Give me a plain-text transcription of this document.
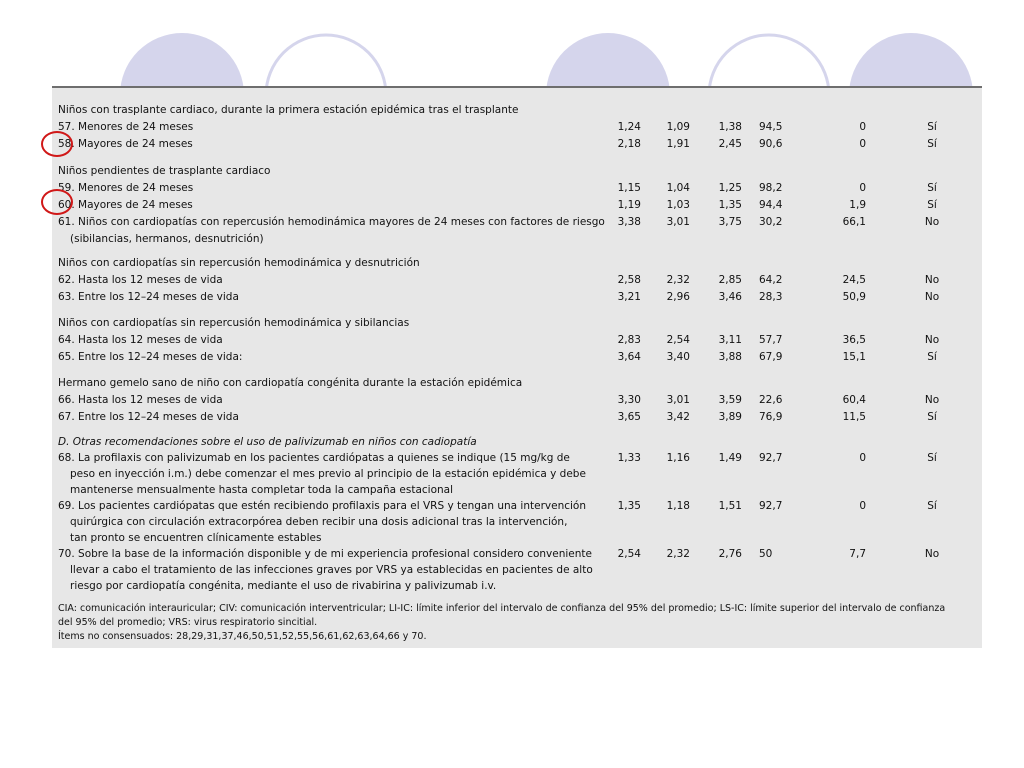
Niños con trasplante cardiaco, durante la primera estación epidémica tras el trasplante
57. Menores de 24 meses	1,24	1,09	1,38 94,5	0	Sí
58. Mayores de 24 meses	2,18	1,91	2,45 90,6	0	Sí
Niños pendientes de trasplante cardiaco
59. Menores de 24 meses	1,15	1,04	1,25 98,2	0	Sí
60. Mayores de 24 meses	1,19	1,03	1,35 94,4	1,9	Sí
61. Niños con cardiopatías con repercusión hemodinámica mayores de 24 meses con factores de riesgo	3,38	3,01	3,75 30,2	66,1	No
(sibilancias, hermanos, desnutrición)
Niños con cardiopatías sin repercusión hemodinámica y desnutrición
62. Hasta los 12 meses de vida	2,58	2,32	2,85 64,2	24,5	No
63. Entre los 12–24 meses de vida	3,21	2,96	3,46 28,3	50,9	No
Niños con cardiopatías sin repercusión hemodinámica y sibilancias
64. Hasta los 12 meses de vida	2,83	2,54	3,11 57,7	36,5	No
65. Entre los 12–24 meses de vida:	3,64	3,40	3,88 67,9	15,1	Sí
Hermano gemelo sano de niño con cardiopatía congénita durante la estación epidémica
66. Hasta los 12 meses de vida	3,30	3,01	3,59 22,6	60,4	No
67. Entre los 12–24 meses de vida	3,65	3,42	3,89 76,9	11,5	Sí
D. Otras recomendaciones sobre el uso de palivizumab en niños con cadiopatía
68. La profilaxis con palivizumab en los pacientes cardiópatas a quienes se indique (15 mg/kg de	1,33	1,16	1,49 92,7	0	Sí
peso en inyección i.m.) debe comenzar el mes previo al principio de la estación epidémica y debe
mantenerse mensualmente hasta completar toda la campaña estacional
69. Los pacientes cardiópatas que estén recibiendo profilaxis para el VRS y tengan una intervención	1,35	1,18	1,51 92,7	0	Sí
quirúrgica con circulación extracorpórea deben recibir una dosis adicional tras la intervención,
tan pronto se encuentren clínicamente estables
70. Sobre la base de la información disponible y de mi experiencia profesional considero conveniente	2,54	2,32	2,76 50	7,7	No
llevar a cabo el tratamiento de las infecciones graves por VRS ya establecidas en pacientes de alto
riesgo por cardiopatía congénita, mediante el uso de rivabirina y palivizumab i.v.
CIA: comunicación interauricular; CIV: comunicación interventricular; LI-IC: límite inferior del intervalo de confianza del 95% del promedio; LS-IC: límite superior del intervalo de confianza
del 95% del promedio; VRS: virus respiratorio sincitial.
Ítems no consensuados: 28,29,31,37,46,50,51,52,55,56,61,62,63,64,66 y 70.
